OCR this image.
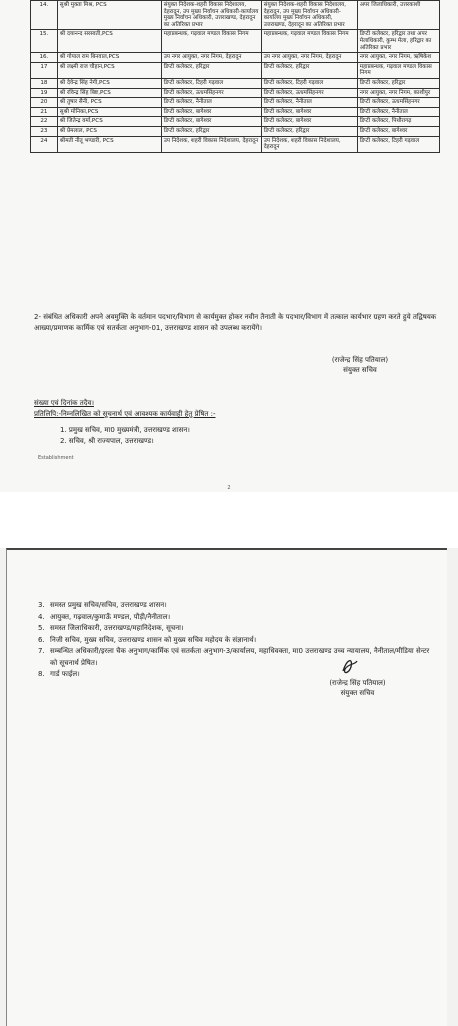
14.	सुश्री मुक्ता मिश्र, PCS	संयुक्त निदेशक-शहरी विकास निदेशालय, देहरादून, उप मुख्य निर्वाचन अधिकारी-कार्यालय मुख्य निर्वाचन अधिकारी, उत्तराखण्ड, देहरादून का अतिरिक्त प्रभार	संयुक्त निदेशक-शहरी विकास निदेशालय, देहरादून, उप मुख्य निर्वाचन अधिकारी-कार्यालय मुख्य निर्वाचन अधिकारी, उत्तराखण्ड, देहरादून का अतिरिक्त प्रभार	अपर जिलाधिकारी, उत्तरकाशी
15.	श्री दयानन्द सरस्वती,PCS	महाप्रबन्धक, गढ़वाल मण्डल विकास निगम	महाप्रबन्धक, गढ़वाल मण्डल विकास निगम	डिप्टी कलेक्टर, हरिद्वार तथा अपर मेलाधिकारी, कुम्भ मेला, हरिद्वार का अतिरिक्त प्रभार
16.	श्री गोपाल राम बिनवाल,PCS	उप नगर आयुक्त, नगर निगम, देहरादून	उप नगर आयुक्त, नगर निगम, देहरादून	नगर आयुक्त, नगर निगम, ऋषिकेश
17	श्री लक्ष्मी राज चौहान,PCS	डिप्टी कलेक्टर, हरिद्वार	डिप्टी कलेक्टर, हरिद्वार	महाप्रबन्धक, गढ़वाल मण्डल विकास निगम
18	श्री देवेन्द्र सिंह नेगी,PCS	डिप्टी कलेक्टर, टिहरी गढ़वाल	डिप्टी कलेक्टर, टिहरी गढ़वाल	डिप्टी कलेक्टर, हरिद्वार
19	श्री रविन्द्र सिंह बिष्ट,PCS	डिप्टी कलेक्टर, ऊधमसिंहनगर	डिप्टी कलेक्टर, ऊधमसिंहनगर	नगर आयुक्त, नगर निगम, काशीपुर
20	श्री तुषार सैनी, PCS	डिप्टी कलेक्टर, नैनीताल	डिप्टी कलेक्टर, नैनीताल	डिप्टी कलेक्टर, ऊधमसिंहनगर
21	सुश्री मोनिका,PCS	डिप्टी कलेक्टर, बागेश्वर	डिप्टी कलेक्टर, बागेश्वर	डिप्टी कलेक्टर, नैनीताल
22	श्री जितेन्द्र वर्मा,PCS	डिप्टी कलेक्टर, बागेश्वर	डिप्टी कलेक्टर, बागेश्वर	डिप्टी कलेक्टर, पिथौरागढ़
23	श्री प्रेमलाल, PCS	डिप्टी कलेक्टर, हरिद्वार	डिप्टी कलेक्टर, हरिद्वार	डिप्टी कलेक्टर, बागेश्वर
24	श्रीमती नीतू भण्डारी, PCS	उप निदेशक, शहरी विकास निदेशालय, देहरादून	उप निदेशक, शहरी विकास निदेशालय, देहरादून	डिप्टी कलेक्टर, टिहरी गढ़वाल
2- संबंधित अधिकारी अपने अवमुक्ति के वर्तमान पदभार/विभाग से कार्यमुक्त होकर नवीन तैनाती के पदभार/विभाग में तत्काल कार्यभार ग्रहण करते हुये तद्विषयक आख्या/प्रमाणक कार्मिक एवं सतर्कता अनुभाग-01, उत्तराखण्ड शासन को उपलब्ध करायेंगे।
(राजेन्द्र सिंह पतियाल)
संयुक्त सचिव
संख्या एवं दिनांक तदैव।
प्रतिलिपि:-निम्नलिखित को सूचनार्थ एवं आवश्यक कार्यवाही हेतु प्रेषित :-
1. प्रमुख सचिव, मा0 मुख्यमंत्री, उत्तराखण्ड शासन।
2. सचिव, श्री राज्यपाल, उत्तराखण्ड।
Establishment
2
3. समस्त प्रमुख सचिव/सचिव, उत्तराखण्ड शासन।
4. आयुक्त, गढ़वाल/कुमाऊँ मण्डल, पौड़ी/नैनीताल।
5. समस्त जिलाधिकारी, उत्तराखण्ड/महानिदेशक, सूचना।
6. निजी सचिव, मुख्य सचिव, उत्तराखण्ड शासन को मुख्य सचिव महोदय के संज्ञानार्थ।
7. सम्बन्धित अधिकारी/इरला चैक अनुभाग/कार्मिक एवं सतर्कता अनुभाग-3/कार्यालय, महाधिवक्ता, मा0 उत्तराखण्ड उच्च न्यायालय, नैनीताल/मीडिया सेन्टर को सूचनार्थ प्रेषित।
8. गार्ड फाईल।
(राजेन्द्र सिंह पतियाल)
संयुक्त सचिव
